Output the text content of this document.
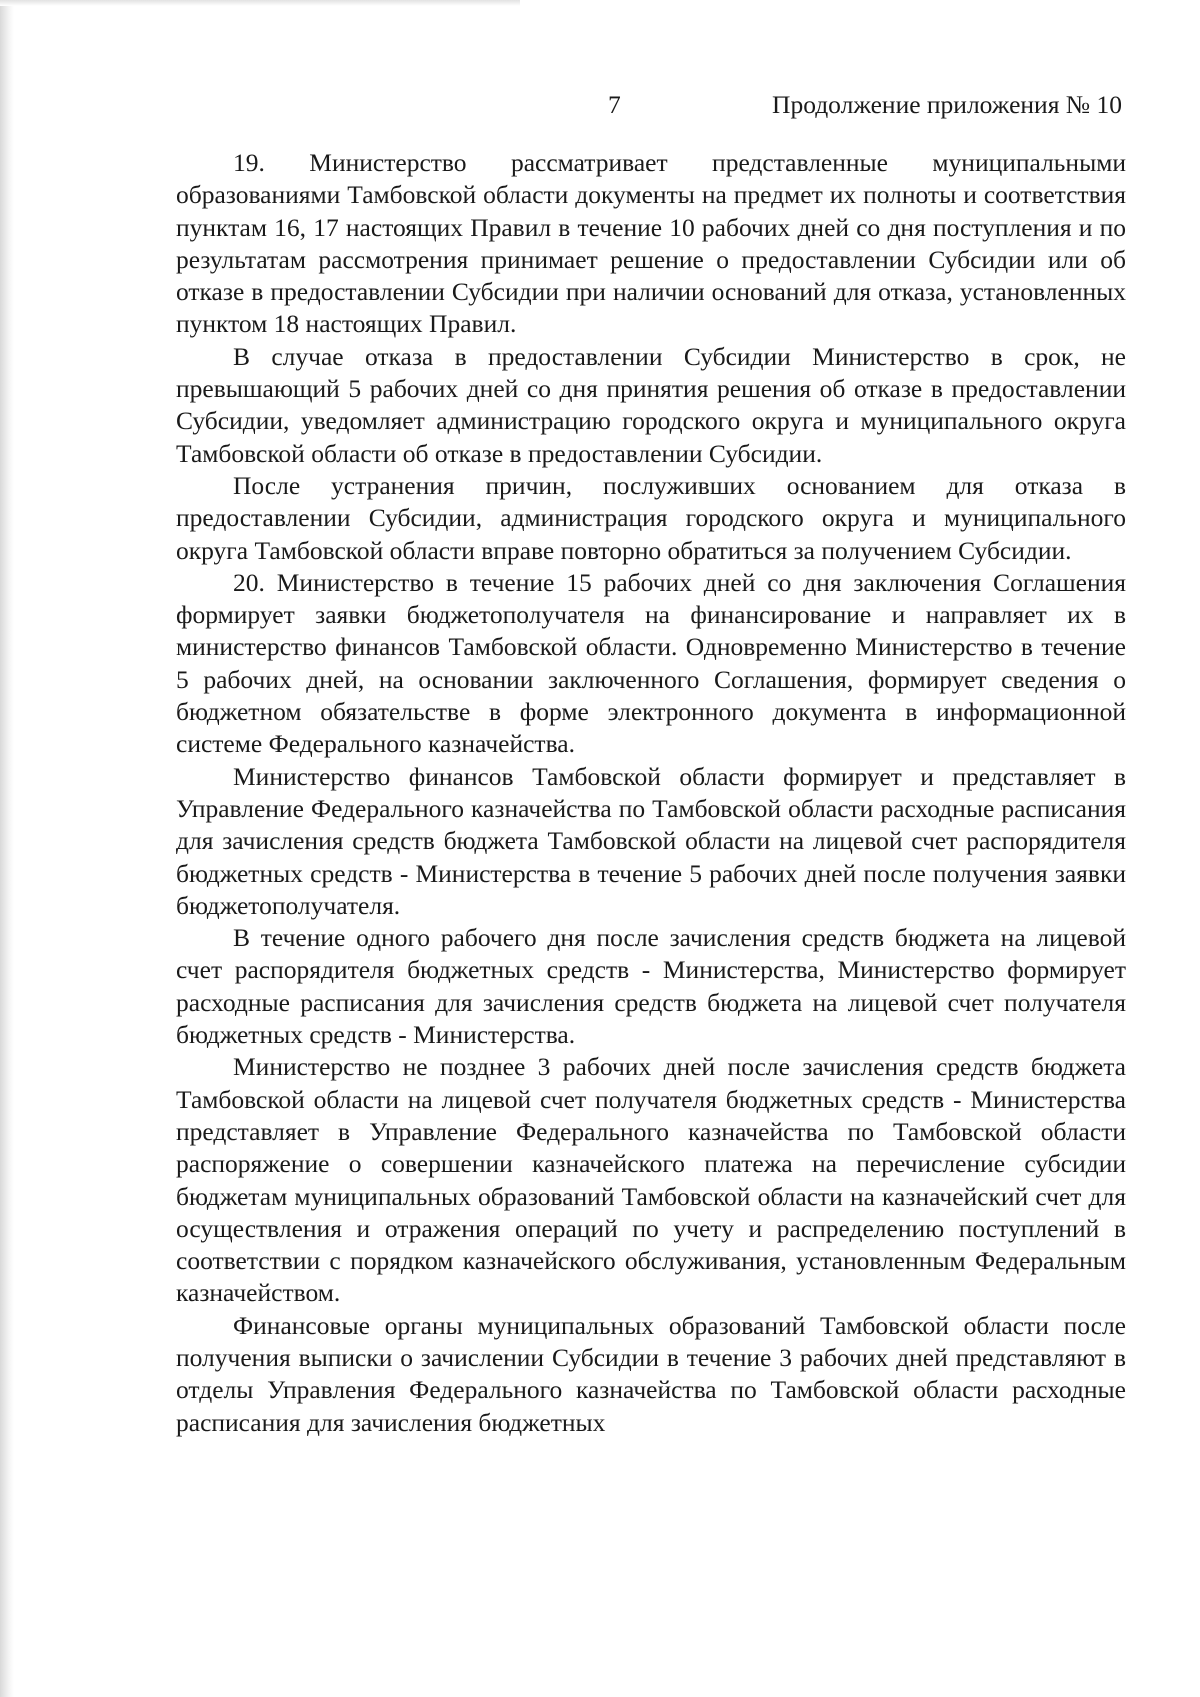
7	Продолжение приложения № 10

19. Министерство рассматривает представленные муниципальными образованиями Тамбовской области документы на предмет их полноты и соответствия пунктам 16, 17 настоящих Правил в течение 10 рабочих дней со дня поступления и по результатам рассмотрения принимает решение о предоставлении Субсидии или об отказе в предоставлении Субсидии при наличии оснований для отказа, установленных пунктом 18 настоящих Правил.

В случае отказа в предоставлении Субсидии Министерство в срок, не превышающий 5 рабочих дней со дня принятия решения об отказе в предоставлении Субсидии, уведомляет администрацию городского округа и муниципального округа Тамбовской области об отказе в предоставлении Субсидии.

После устранения причин, послуживших основанием для отказа в предоставлении Субсидии, администрация городского округа и муниципального округа Тамбовской области вправе повторно обратиться за получением Субсидии.

20. Министерство в течение 15 рабочих дней со дня заключения Соглашения формирует заявки бюджетополучателя на финансирование и направляет их в министерство финансов Тамбовской области. Одновременно Министерство в течение 5 рабочих дней, на основании заключенного Соглашения, формирует сведения о бюджетном обязательстве в форме электронного документа в информационной системе Федерального казначейства.

Министерство финансов Тамбовской области формирует и представляет в Управление Федерального казначейства по Тамбовской области расходные расписания для зачисления средств бюджета Тамбовской области на лицевой счет распорядителя бюджетных средств - Министерства в течение 5 рабочих дней после получения заявки бюджетополучателя.

В течение одного рабочего дня после зачисления средств бюджета на лицевой счет распорядителя бюджетных средств - Министерства, Министерство формирует расходные расписания для зачисления средств бюджета на лицевой счет получателя бюджетных средств - Министерства.

Министерство не позднее 3 рабочих дней после зачисления средств бюджета Тамбовской области на лицевой счет получателя бюджетных средств - Министерства представляет в Управление Федерального казначейства по Тамбовской области распоряжение о совершении казначейского платежа на перечисление субсидии бюджетам муниципальных образований Тамбовской области на казначейский счет для осуществления и отражения операций по учету и распределению поступлений в соответствии с порядком казначейского обслуживания, установленным Федеральным казначейством.

Финансовые органы муниципальных образований Тамбовской области после получения выписки о зачислении Субсидии в течение 3 рабочих дней представляют в отделы Управления Федерального казначейства по Тамбовской области расходные расписания для зачисления бюджетных
